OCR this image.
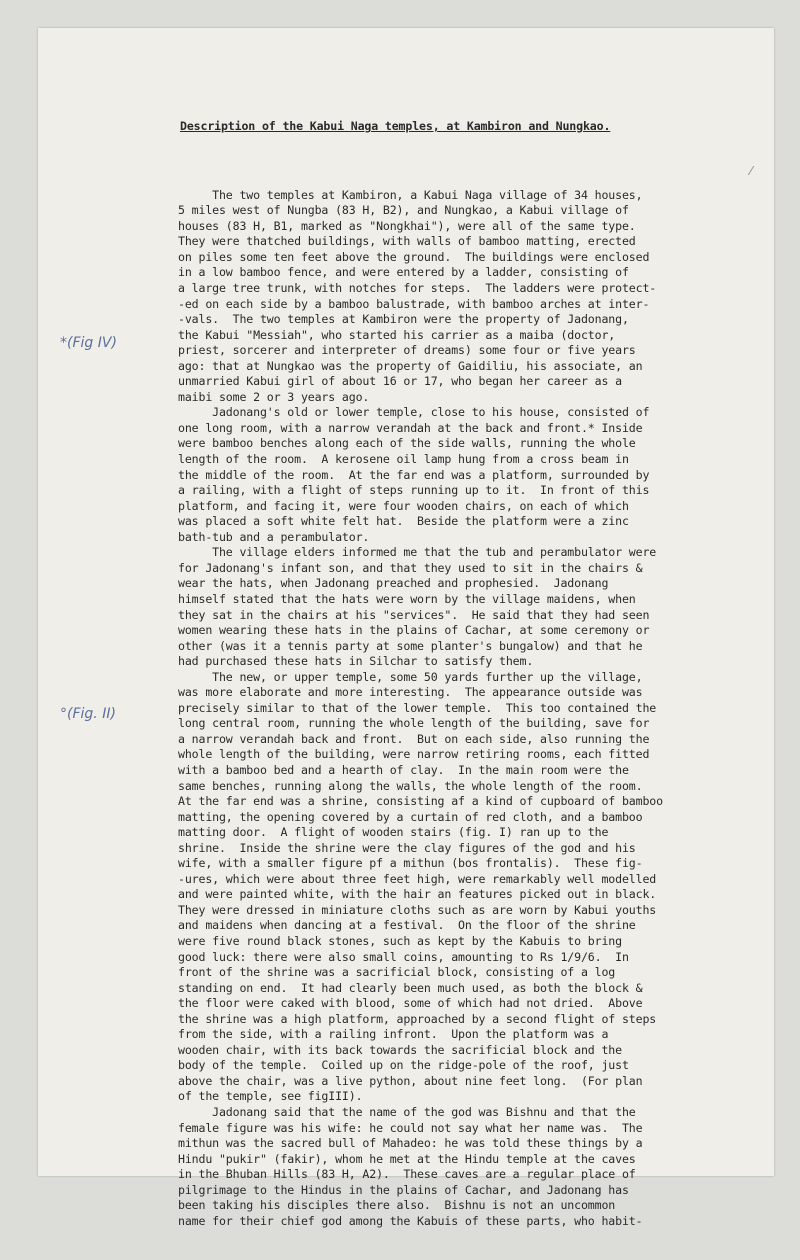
Description of the Kabui Naga temples, at Kambiron and Nungkao.

The two temples at Kambiron, a Kabui Naga village of 34 houses,
5 miles west of Nungba (83 H, B2), and Nungkao, a Kabui village of
houses (83 H, B1, marked as "Nongkhai"), were all of the same type.
They were thatched buildings, with walls of bamboo matting, erected
on piles some ten feet above the ground.  The buildings were enclosed
in a low bamboo fence, and were entered by a ladder, consisting of
a large tree trunk, with notches for steps.  The ladders were protect-
-ed on each side by a bamboo balustrade, with bamboo arches at inter-
-vals.  The two temples at Kambiron were the property of Jadonang,
the Kabui "Messiah", who started his carrier as a maiba (doctor,
priest, sorcerer and interpreter of dreams) some four or five years
ago: that at Nungkao was the property of Gaidiliu, his associate, an
unmarried Kabui girl of about 16 or 17, who began her career as a
maibi some 2 or 3 years ago.
Jadonang's old or lower temple, close to his house, consisted of
one long room, with a narrow verandah at the back and front.* Inside
were bamboo benches along each of the side walls, running the whole
length of the room.  A kerosene oil lamp hung from a cross beam in
the middle of the room.  At the far end was a platform, surrounded by
a railing, with a flight of steps running up to it.  In front of this
platform, and facing it, were four wooden chairs, on each of which
was placed a soft white felt hat.  Beside the platform were a zinc
bath-tub and a perambulator.
The village elders informed me that the tub and perambulator were
for Jadonang's infant son, and that they used to sit in the chairs &
wear the hats, when Jadonang preached and prophesied.  Jadonang
himself stated that the hats were worn by the village maidens, when
they sat in the chairs at his "services".  He said that they had seen
women wearing these hats in the plains of Cachar, at some ceremony or
other (was it a tennis party at some planter's bungalow) and that he
had purchased these hats in Silchar to satisfy them.
The new, or upper temple, some 50 yards further up the village,
was more elaborate and more interesting.  The appearance outside was
precisely similar to that of the lower temple.  This too contained the
long central room, running the whole length of the building, save for
a narrow verandah back and front.  But on each side, also running the
whole length of the building, were narrow retiring rooms, each fitted
with a bamboo bed and a hearth of clay.  In the main room were the
same benches, running along the walls, the whole length of the room.
At the far end was a shrine, consisting af a kind of cupboard of bamboo
matting, the opening covered by a curtain of red cloth, and a bamboo
matting door.  A flight of wooden stairs (fig. I) ran up to the
shrine.  Inside the shrine were the clay figures of the god and his
wife, with a smaller figure pf a mithun (bos frontalis).  These fig-
-ures, which were about three feet high, were remarkably well modelled
and were painted white, with the hair an features picked out in black.
They were dressed in miniature cloths such as are worn by Kabui youths
and maidens when dancing at a festival.  On the floor of the shrine
were five round black stones, such as kept by the Kabuis to bring
good luck: there were also small coins, amounting to Rs 1/9/6.  In
front of the shrine was a sacrificial block, consisting of a log
standing on end.  It had clearly been much used, as both the block &
the floor were caked with blood, some of which had not dried.  Above
the shrine was a high platform, approached by a second flight of steps
from the side, with a railing infront.  Upon the platform was a
wooden chair, with its back towards the sacrificial block and the
body of the temple.  Coiled up on the ridge-pole of the roof, just
above the chair, was a live python, about nine feet long.  (For plan
of the temple, see figIII).
Jadonang said that the name of the god was Bishnu and that the
female figure was his wife: he could not say what her name was.  The
mithun was the sacred bull of Mahadeo: he was told these things by a
Hindu "pukir" (fakir), whom he met at the Hindu temple at the caves
in the Bhuban Hills (83 H, A2).  These caves are a regular place of
pilgrimage to the Hindus in the plains of Cachar, and Jadonang has
been taking his disciples there also.  Bishnu is not an uncommon
name for their chief god among the Kabuis of these parts, who habit-

*(Fig IV)
°(Fig. II)
⁄
